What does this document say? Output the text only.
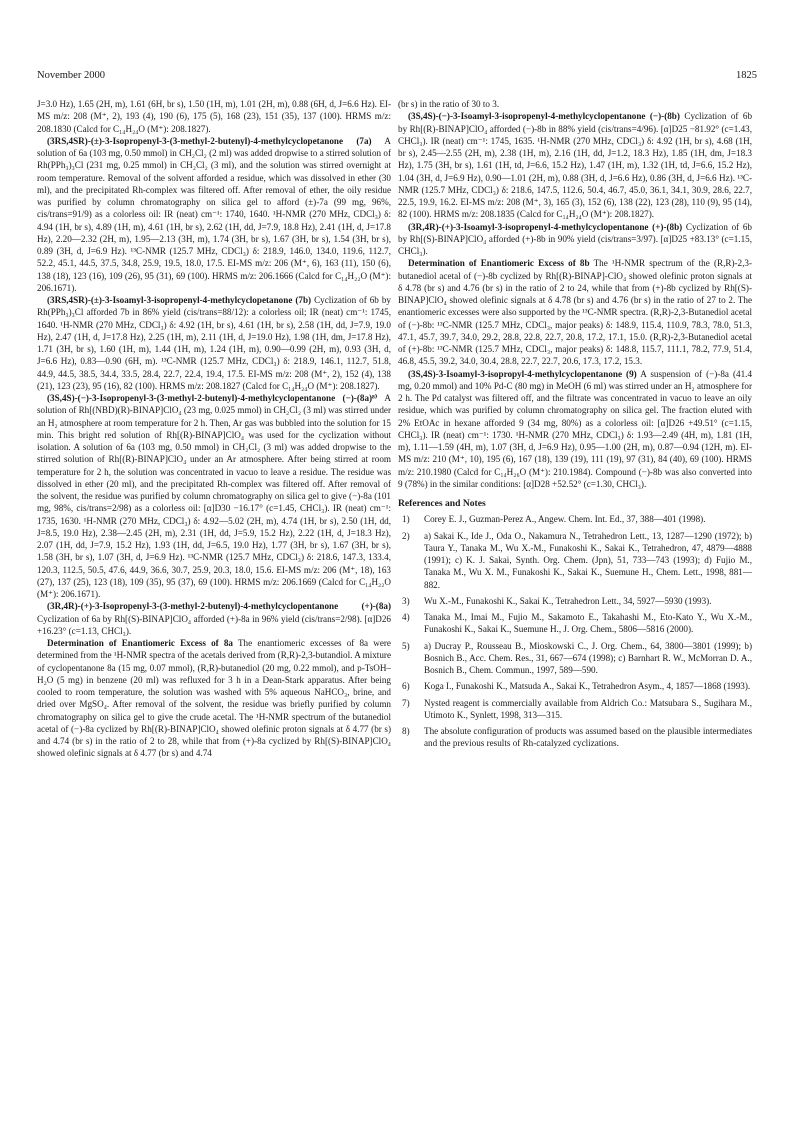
November 2000	1825

J=3.0 Hz), 1.65 (2H, m), 1.61 (6H, br s), 1.50 (1H, m), 1.01 (2H, m), 0.88 (6H, d, J=6.6 Hz). EI-MS m/z: 208 (M⁺, 2), 193 (4), 190 (6), 175 (5), 168 (23), 151 (35), 137 (100). HRMS m/z: 208.1830 (Calcd for C₁₄H₂₄O (M⁺): 208.1827).

(3RS,4SR)-(±)-3-Isopropenyl-3-(3-methyl-2-butenyl)-4-methylcyclopetanone (7a) A solution of 6a (103 mg, 0.50 mmol) in CH₂Cl₂ (2 ml) was added dropwise to a stirred solution of Rh(PPh₃)₃Cl (231 mg, 0.25 mmol) in CH₂Cl₂ (3 ml), and the solution was stirred overnight at room temperature. Removal of the solvent afforded a residue, which was dissolved in ether (30 ml), and the precipitated Rh-complex was filtered off. After removal of ether, the oily residue was purified by column chromatography on silica gel to afford (±)-7a (99 mg, 96%, cis/trans=91/9) as a colorless oil: IR (neat) cm⁻¹: 1740, 1640. ¹H-NMR (270 MHz, CDCl₃) δ: 4.94 (1H, br s), 4.89 (1H, m), 4.61 (1H, br s), 2.62 (1H, dd, J=7.9, 18.8 Hz), 2.41 (1H, d, J=17.8 Hz), 2.20—2.32 (2H, m), 1.95—2.13 (3H, m), 1.74 (3H, br s), 1.67 (3H, br s), 1.54 (3H, br s), 0.89 (3H, d, J=6.9 Hz). ¹³C-NMR (125.7 MHz, CDCl₃) δ: 218.9, 146.0, 134.0, 119.6, 112.7, 52.2, 45.1, 44.5, 37.5, 34.8, 25.9, 19.5, 18.0, 17.5. EI-MS m/z: 206 (M⁺, 6), 163 (11), 150 (6), 138 (18), 123 (16), 109 (26), 95 (31), 69 (100). HRMS m/z: 206.1666 (Calcd for C₁₄H₂₂O (M⁺): 206.1671).

(3RS,4SR)-(±)-3-Isoamyl-3-isopropenyl-4-methylcyclopetanone (7b) Cyclization of 6b by Rh(PPh₃)₃Cl afforded 7b in 86% yield (cis/trans=88/12): a colorless oil; IR (neat) cm⁻¹: 1745, 1640. ¹H-NMR (270 MHz, CDCl₃) δ: 4.92 (1H, br s), 4.61 (1H, br s), 2.58 (1H, dd, J=7.9, 19.0 Hz), 2.47 (1H, d, J=17.8 Hz), 2.25 (1H, m), 2.11 (1H, d, J=19.0 Hz), 1.98 (1H, dm, J=17.8 Hz), 1.71 (3H, br s), 1.60 (1H, m), 1.44 (1H, m), 1.24 (1H, m), 0.90—0.99 (2H, m), 0.93 (3H, d, J=6.6 Hz), 0.83—0.90 (6H, m). ¹³C-NMR (125.7 MHz, CDCl₃) δ: 218.9, 146.1, 112.7, 51.8, 44.9, 44.5, 38.5, 34.4, 33.5, 28.4, 22.7, 22.4, 19.4, 17.5. EI-MS m/z: 208 (M⁺, 2), 152 (4), 138 (21), 123 (23), 95 (16), 82 (100). HRMS m/z: 208.1827 (Calcd for C₁₄H₂₄O (M⁺): 208.1827).

(3S,4S)-(−)-3-Isopropenyl-3-(3-methyl-2-butenyl)-4-methylcyclopentanone (−)-(8a)⁸⁾ A solution of Rh[(NBD)(R)-BINAP]ClO₄ (23 mg, 0.025 mmol) in CH₂Cl₂ (3 ml) was stirred under an H₂ atmosphere at room temperature for 2 h. Then, Ar gas was bubbled into the solution for 15 min. This bright red solution of Rh[(R)-BINAP]ClO₄ was used for the cyclization without isolation. A solution of 6a (103 mg, 0.50 mmol) in CH₂Cl₂ (3 ml) was added dropwise to the stirred solution of Rh[(R)-BINAP]ClO₄ under an Ar atmosphere. After being stirred at room temperature for 2 h, the solution was concentrated in vacuo to leave a residue. The residue was dissolved in ether (20 ml), and the precipitated Rh-complex was filtered off. After removal of the solvent, the residue was purified by column chromatography on silica gel to give (−)-8a (101 mg, 98%, cis/trans=2/98) as a colorless oil: [α]D30 −16.17° (c=1.45, CHCl₃). IR (neat) cm⁻¹: 1735, 1630. ¹H-NMR (270 MHz, CDCl₃) δ: 4.92—5.02 (2H, m), 4.74 (1H, br s), 2.50 (1H, dd, J=8.5, 19.0 Hz), 2.38—2.45 (2H, m), 2.31 (1H, dd, J=5.9, 15.2 Hz), 2.22 (1H, d, J=18.3 Hz), 2.07 (1H, dd, J=7.9, 15.2 Hz), 1.93 (1H, dd, J=6.5, 19.0 Hz), 1.77 (3H, br s), 1.67 (3H, br s), 1.58 (3H, br s), 1.07 (3H, d, J=6.9 Hz). ¹³C-NMR (125.7 MHz, CDCl₃) δ: 218.6, 147.3, 133.4, 120.3, 112.5, 50.5, 47.6, 44.9, 36.6, 30.7, 25.9, 20.3, 18.0, 15.6. EI-MS m/z: 206 (M⁺, 18), 163 (27), 137 (25), 123 (18), 109 (35), 95 (37), 69 (100). HRMS m/z: 206.1669 (Calcd for C₁₄H₂₂O (M⁺): 206.1671).

(3R,4R)-(+)-3-Isopropenyl-3-(3-methyl-2-butenyl)-4-methylcyclopentanone (+)-(8a) Cyclization of 6a by Rh[(S)-BINAP]ClO₄ afforded (+)-8a in 96% yield (cis/trans=2/98). [α]D26 +16.23° (c=1.13, CHCl₃).

Determination of Enantiomeric Excess of 8a The enantiomeric excesses of 8a were determined from the ¹H-NMR spectra of the acetals derived from (R,R)-2,3-butandiol. A mixture of cyclopentanone 8a (15 mg, 0.07 mmol), (R,R)-butanediol (20 mg, 0.22 mmol), and p-TsOH–H₂O (5 mg) in benzene (20 ml) was refluxed for 3 h in a Dean-Stark apparatus. After being cooled to room temperature, the solution was washed with 5% aqueous NaHCO₃, brine, and dried over MgSO₄. After removal of the solvent, the residue was briefly purified by column chromatography on silica gel to give the crude acetal. The ¹H-NMR spectrum of the butanediol acetal of (−)-8a cyclized by Rh[(R)-BINAP]ClO₄ showed olefinic proton signals at δ 4.77 (br s) and 4.74 (br s) in the ratio of 2 to 28, while that from (+)-8a cyclized by Rh[(S)-BINAP]ClO₄ showed olefinic signals at δ 4.77 (br s) and 4.74

(br s) in the ratio of 30 to 3.

(3S,4S)-(−)-3-Isoamyl-3-isopropenyl-4-methylcyclopentanone (−)-(8b) Cyclization of 6b by Rh[(R)-BINAP]ClO₄ afforded (−)-8b in 88% yield (cis/trans=4/96). [α]D25 −81.92° (c=1.43, CHCl₃). IR (neat) cm⁻¹: 1745, 1635. ¹H-NMR (270 MHz, CDCl₃) δ: 4.92 (1H, br s), 4.68 (1H, br s), 2.45—2.55 (2H, m), 2.38 (1H, m), 2.16 (1H, dd, J=1.2, 18.3 Hz), 1.85 (1H, dm, J=18.3 Hz), 1.75 (3H, br s), 1.61 (1H, td, J=6.6, 15.2 Hz), 1.47 (1H, m), 1.32 (1H, td, J=6.6, 15.2 Hz), 1.04 (3H, d, J=6.9 Hz), 0.90—1.01 (2H, m), 0.88 (3H, d, J=6.6 Hz), 0.86 (3H, d, J=6.6 Hz). ¹³C-NMR (125.7 MHz, CDCl₃) δ: 218.6, 147.5, 112.6, 50.4, 46.7, 45.0, 36.1, 34.1, 30.9, 28.6, 22.7, 22.5, 19.9, 16.2. EI-MS m/z: 208 (M⁺, 3), 165 (3), 152 (6), 138 (22), 123 (28), 110 (9), 95 (14), 82 (100). HRMS m/z: 208.1835 (Calcd for C₁₄H₂₄O (M⁺): 208.1827).

(3R,4R)-(+)-3-Isoamyl-3-isopropenyl-4-methylcyclopentanone (+)-(8b) Cyclization of 6b by Rh[(S)-BINAP]ClO₄ afforded (+)-8b in 90% yield (cis/trans=3/97). [α]D25 +83.13° (c=1.15, CHCl₃).

Determination of Enantiomeric Excess of 8b The ¹H-NMR spectrum of the (R,R)-2,3-butanediol acetal of (−)-8b cyclized by Rh[(R)-BINAP]-ClO₄ showed olefinic proton signals at δ 4.78 (br s) and 4.76 (br s) in the ratio of 2 to 24, while that from (+)-8b cyclized by Rh[(S)-BINAP]ClO₄ showed olefinic signals at δ 4.78 (br s) and 4.76 (br s) in the ratio of 27 to 2. The enantiomeric excesses were also supported by the ¹³C-NMR spectra. (R,R)-2,3-Butanediol acetal of (−)-8b: ¹³C-NMR (125.7 MHz, CDCl₃, major peaks) δ: 148.9, 115.4, 110.9, 78.3, 78.0, 51.3, 47.1, 45.7, 39.7, 34.0, 29.2, 28.8, 22.8, 22.7, 20.8, 17.2, 17.1, 15.0. (R,R)-2,3-Butanediol acetal of (+)-8b: ¹³C-NMR (125.7 MHz, CDCl₃, major peaks) δ: 148.8, 115.7, 111.1, 78.2, 77.9, 51.4, 46.8, 45.5, 39.2, 34.0, 30.4, 28.8, 22.7, 22.7, 20.6, 17.3, 17.2, 15.3.

(3S,4S)-3-Isoamyl-3-isopropyl-4-methylcyclopentanone (9) A suspension of (−)-8a (41.4 mg, 0.20 mmol) and 10% Pd-C (80 mg) in MeOH (6 ml) was stirred under an H₂ atmosphere for 2 h. The Pd catalyst was filtered off, and the filtrate was concentrated in vacuo to leave an oily residue, which was purified by column chromatography on silica gel. The fraction eluted with 2% EtOAc in hexane afforded 9 (34 mg, 80%) as a colorless oil: [α]D26 +49.51° (c=1.15, CHCl₃). IR (neat) cm⁻¹: 1730. ¹H-NMR (270 MHz, CDCl₃) δ: 1.93—2.49 (4H, m), 1.81 (1H, m), 1.11—1.59 (4H, m), 1.07 (3H, d, J=6.9 Hz), 0.95—1.00 (2H, m), 0.87—0.94 (12H, m). EI-MS m/z: 210 (M⁺, 10), 195 (6), 167 (18), 139 (19), 111 (19), 97 (31), 84 (40), 69 (100). HRMS m/z: 210.1980 (Calcd for C₁₄H₂₆O (M⁺): 210.1984). Compound (−)-8b was also converted into 9 (78%) in the similar conditions: [α]D28 +52.52° (c=1.30, CHCl₃).

References and Notes
1) Corey E. J., Guzman-Perez A., Angew. Chem. Int. Ed., 37, 388—401 (1998).
2) a) Sakai K., Ide J., Oda O., Nakamura N., Tetrahedron Lett., 13, 1287—1290 (1972); b) Taura Y., Tanaka M., Wu X.-M., Funakoshi K., Sakai K., Tetrahedron, 47, 4879—4888 (1991); c) K. J. Sakai, Synth. Org. Chem. (Jpn), 51, 733—743 (1993); d) Fujio M., Tanaka M., Wu X. M., Funakoshi K., Sakai K., Suemune H., Chem. Lett., 1998, 881—882.
3) Wu X.-M., Funakoshi K., Sakai K., Tetrahedron Lett., 34, 5927—5930 (1993).
4) Tanaka M., Imai M., Fujio M., Sakamoto E., Takahashi M., Eto-Kato Y., Wu X.-M., Funakoshi K., Sakai K., Suemune H., J. Org. Chem., 5806—5816 (2000).
5) a) Ducray P., Rousseau B., Mioskowski C., J. Org. Chem., 64, 3800—3801 (1999); b) Bosnich B., Acc. Chem. Res., 31, 667—674 (1998); c) Barnhart R. W., McMorran D. A., Bosnich B., Chem. Commun., 1997, 589—590.
6) Koga I., Funakoshi K., Matsuda A., Sakai K., Tetrahedron Asym., 4, 1857—1868 (1993).
7) Nysted reagent is commercially available from Aldrich Co.: Matsubara S., Sugihara M., Utimoto K., Synlett, 1998, 313—315.
8) The absolute configuration of products was assumed based on the plausible intermediates and the previous results of Rh-catalyzed cyclizations.
